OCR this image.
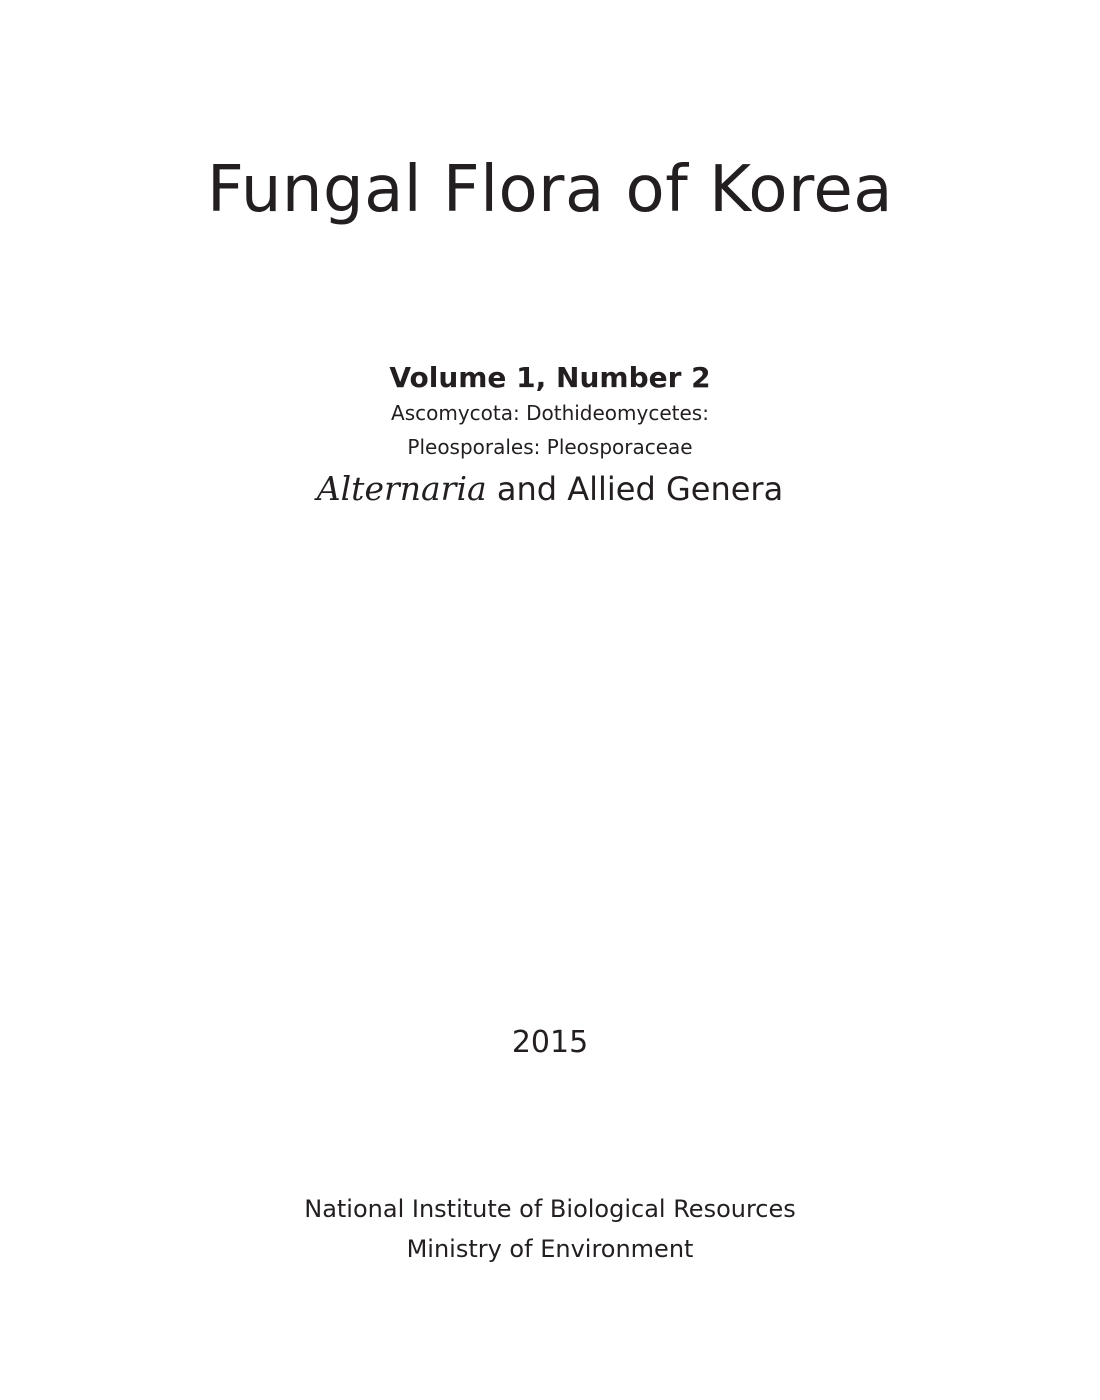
Fungal Flora of Korea
Volume 1, Number 2
Ascomycota: Dothideomycetes:
Pleosporales: Pleosporaceae
Alternaria and Allied Genera
2015
National Institute of Biological Resources
Ministry of Environment
